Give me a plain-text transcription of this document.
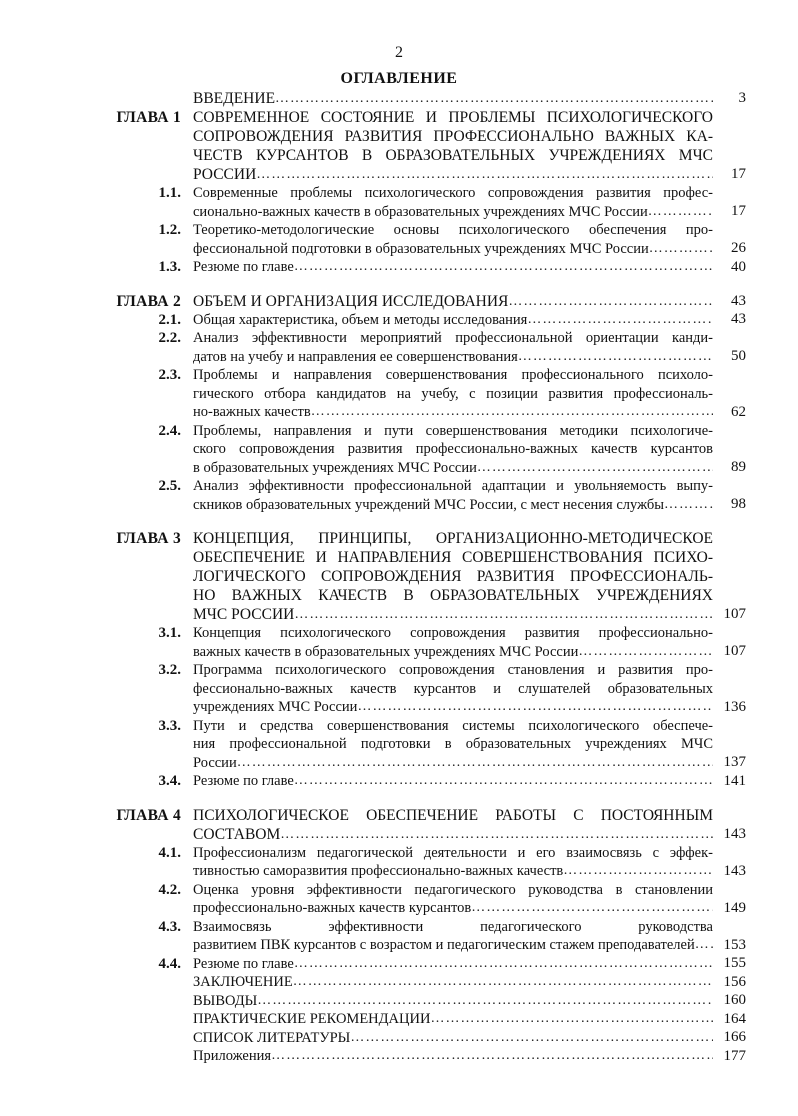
2
ОГЛАВЛЕНИЕ
ВВЕДЕНИЕ …………………………………………………………………………………………………………………………………………………………	3
ГЛАВА 1 СОВРЕМЕННОЕ СОСТОЯНИЕ И ПРОБЛЕМЫ ПСИХОЛОГИЧЕСКОГО
СОПРОВОЖДЕНИЯ РАЗВИТИЯ ПРОФЕССИОНАЛЬНО ВАЖНЫХ КА-
ЧЕСТВ КУРСАНТОВ В ОБРАЗОВАТЕЛЬНЫХ УЧРЕЖДЕНИЯХ МЧС
РОССИИ …………………………………………………………………………………………………………………………………………………………	17
1.1. Современные проблемы психологического сопровождения развития профес-
сионально-важных качеств в образовательных учреждениях МЧС России …………………………………………………………………………………………………………………………………………………………	17
1.2. Теоретико-методологические основы психологического обеспечения про-
фессиональной подготовки в образовательных учреждениях МЧС России …………………………………………………………………………………………………………………………………………………………	26
1.3. Резюме по главе …………………………………………………………………………………………………………………………………………………………	40
ГЛАВА 2 ОБЪЕМ И ОРГАНИЗАЦИЯ ИССЛЕДОВАНИЯ …………………………………………………………………………………………………………………………………………………………	43
2.1. Общая характеристика, объем и методы исследования …………………………………………………………………………………………………………………………………………………………	43
2.2. Анализ эффективности мероприятий профессиональной ориентации канди-
датов на учебу и направления ее совершенствования …………………………………………………………………………………………………………………………………………………………	50
2.3. Проблемы и направления совершенствования профессионального психоло-
гического отбора кандидатов на учебу, с позиции развития профессиональ-
но-важных качеств …………………………………………………………………………………………………………………………………………………………	62
2.4. Проблемы, направления и пути совершенствования методики психологиче-
ского сопровождения развития профессионально-важных качеств курсантов
в образовательных учреждениях МЧС России …………………………………………………………………………………………………………………………………………………………	89
2.5. Анализ эффективности профессиональной адаптации и увольняемость выпу-
скников образовательных учреждений МЧС России, с мест несения службы …………………………………………………………………………………………………………………………………………………………	98
ГЛАВА 3 КОНЦЕПЦИЯ, ПРИНЦИПЫ, ОРГАНИЗАЦИОННО-МЕТОДИЧЕСКОЕ
ОБЕСПЕЧЕНИЕ И НАПРАВЛЕНИЯ СОВЕРШЕНСТВОВАНИЯ ПСИХО-
ЛОГИЧЕСКОГО СОПРОВОЖДЕНИЯ РАЗВИТИЯ ПРОФЕССИОНАЛЬ-
НО ВАЖНЫХ КАЧЕСТВ В ОБРАЗОВАТЕЛЬНЫХ УЧРЕЖДЕНИЯХ
МЧС РОССИИ …………………………………………………………………………………………………………………………………………………………	107
3.1. Концепция психологического сопровождения развития профессионально-
важных качеств в образовательных учреждениях МЧС России …………………………………………………………………………………………………………………………………………………………	107
3.2. Программа психологического сопровождения становления и развития про-
фессионально-важных качеств курсантов и слушателей образовательных
учреждениях МЧС России …………………………………………………………………………………………………………………………………………………………	136
3.3. Пути и средства совершенствования системы психологического обеспече-
ния профессиональной подготовки в образовательных учреждениях МЧС
России …………………………………………………………………………………………………………………………………………………………	137
3.4. Резюме по главе …………………………………………………………………………………………………………………………………………………………	141
ГЛАВА 4 ПСИХОЛОГИЧЕСКОЕ ОБЕСПЕЧЕНИЕ РАБОТЫ С ПОСТОЯННЫМ
СОСТАВОМ …………………………………………………………………………………………………………………………………………………………	143
4.1. Профессионализм педагогической деятельности и его взаимосвязь с эффек-
тивностью саморазвития профессионально-важных качеств …………………………………………………………………………………………………………………………………………………………	143
4.2. Оценка уровня эффективности педагогического руководства в становлении
профессионально-важных качеств курсантов …………………………………………………………………………………………………………………………………………………………	149
4.3. Взаимосвязь эффективности педагогического руководства
развитием ПВК курсантов с возрастом и педагогическим стажем преподавателей ………………………………………………………………………………………………………………………………………………………… 153
4.4. Резюме по главе …………………………………………………………………………………………………………………………………………………………	155
ЗАКЛЮЧЕНИЕ …………………………………………………………………………………………………………………………………………………………	156
ВЫВОДЫ …………………………………………………………………………………………………………………………………………………………	160
ПРАКТИЧЕСКИЕ РЕКОМЕНДАЦИИ …………………………………………………………………………………………………………………………………………………………	164
СПИСОК ЛИТЕРАТУРЫ …………………………………………………………………………………………………………………………………………………………	166
Приложения …………………………………………………………………………………………………………………………………………………………	177
